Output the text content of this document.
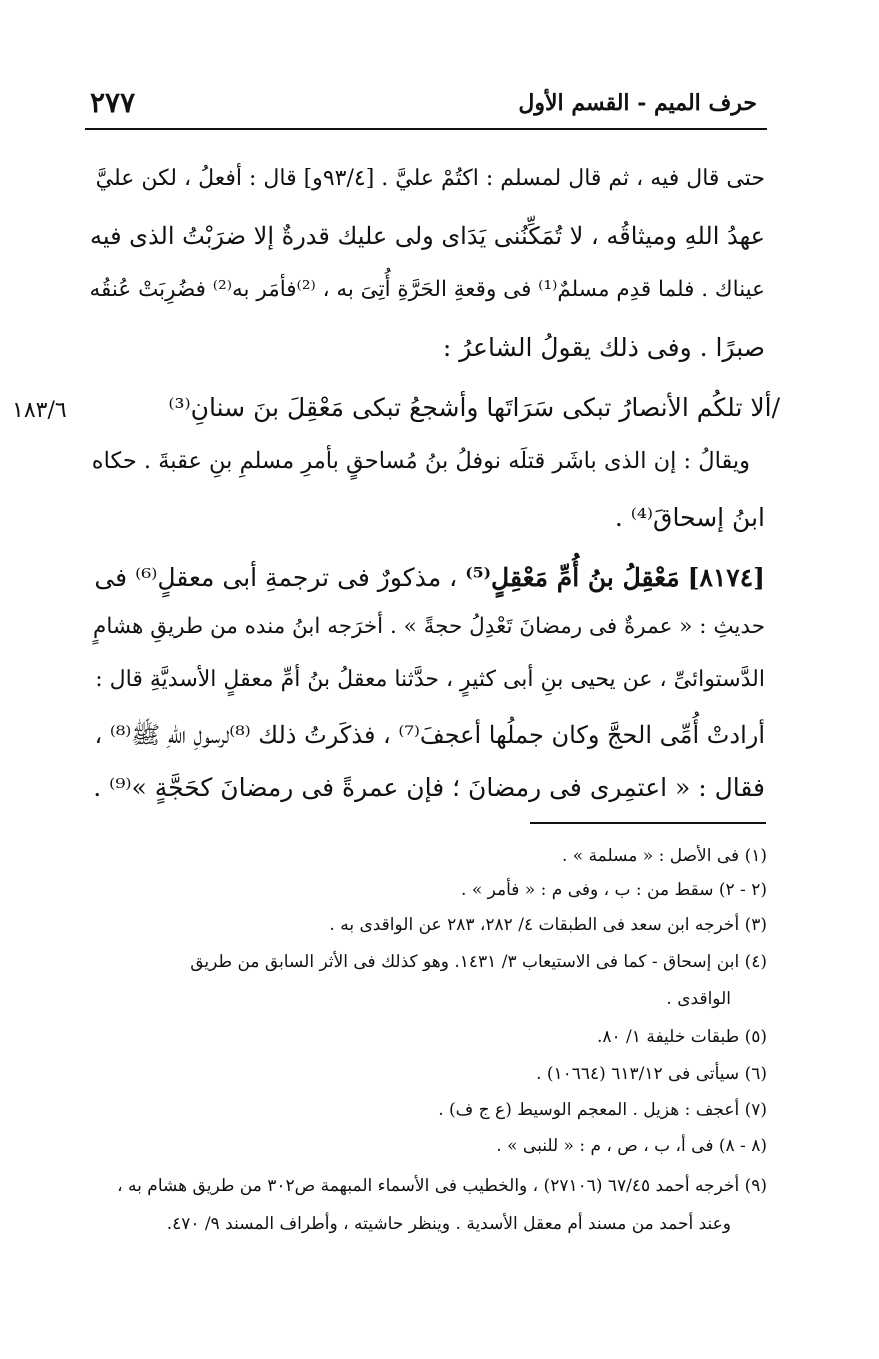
٢٧٧	حرف الميم - القسم الأول
حتى قال فيه ، ثم قال لمسلم : اكتُمْ عليَّ . [٩٣/٤و] قال : أفعلُ ، لكن عليَّ
عهدُ اللهِ وميثاقُه ، لا تُمَكِّنُنى يَدَاى ولى عليك قدرةٌ إلا ضرَبْتُ الذى فيه
عيناك . فلما قدِم مسلمٌ⁽¹⁾ فى وقعةِ الحَرَّةِ أُتِىَ به ، ⁽²⁾فأمَر به⁽²⁾ فضُرِبَتْ عُنقُه
صبرًا . وفى ذلك يقولُ الشاعرُ :
/ألا تلكُم الأنصارُ تبكى سَرَاتَها وأشجعُ تبكى مَعْقِلَ بنَ سنانِ⁽³⁾
ويقالُ : إن الذى باشَر قتلَه نوفلُ بنُ مُساحقٍ بأمرِ مسلمِ بنِ عقبةَ . حكاه
ابنُ إسحاقَ⁽⁴⁾ .
[٨١٧٤] مَعْقِلُ بنُ أُمِّ مَعْقِلٍ⁽⁵⁾ ، مذكورٌ فى ترجمةِ أبى معقلٍ⁽⁶⁾ فى
حديثِ : « عمرةٌ فى رمضانَ تَعْدِلُ حجةً » . أخرَجه ابنُ منده من طريقِ هشامٍ
الدَّستوائىِّ ، عن يحيى بنِ أبى كثيرٍ ، حدَّثنا معقلُ بنُ أمِّ معقلٍ الأسديَّةِ قال :
أرادتْ أُمِّى الحجَّ وكان جملُها أعجفَ⁽⁷⁾ ، فذكَرتُ ذلك ⁽⁸⁾لرسولِ اللهِ ﷺ⁽⁸⁾ ،
فقال : « اعتمِرى فى رمضانَ ؛ فإن عمرةً فى رمضانَ كحَجَّةٍ »⁽⁹⁾ .
١٨٣/٦
(١) فى الأصل : « مسلمة » .
(٢ - ٢) سقط من : ب ، وفى م : « فأمر » .
(٣) أخرجه ابن سعد فى الطبقات ٤/ ٢٨٢، ٢٨٣ عن الواقدى به .
(٤) ابن إسحاق - كما فى الاستيعاب ٣/ ١٤٣١. وهو كذلك فى الأثر السابق من طريق
الواقدى .
(٥) طبقات خليفة ١/ ٨٠.
(٦) سيأتى فى ٦١٣/١٢ (١٠٦٦٤) .
(٧) أعجف : هزيل . المعجم الوسيط (ع ج ف) .
(٨ - ٨) فى أ، ب ، ص ، م : « للنبى » .
(٩) أخرجه أحمد ٦٧/٤٥ (٢٧١٠٦) ، والخطيب فى الأسماء المبهمة ص٣٠٢ من طريق هشام به ،
وعند أحمد من مسند أم معقل الأسدية . وينظر حاشيته ، وأطراف المسند ٩/ ٤٧٠.
